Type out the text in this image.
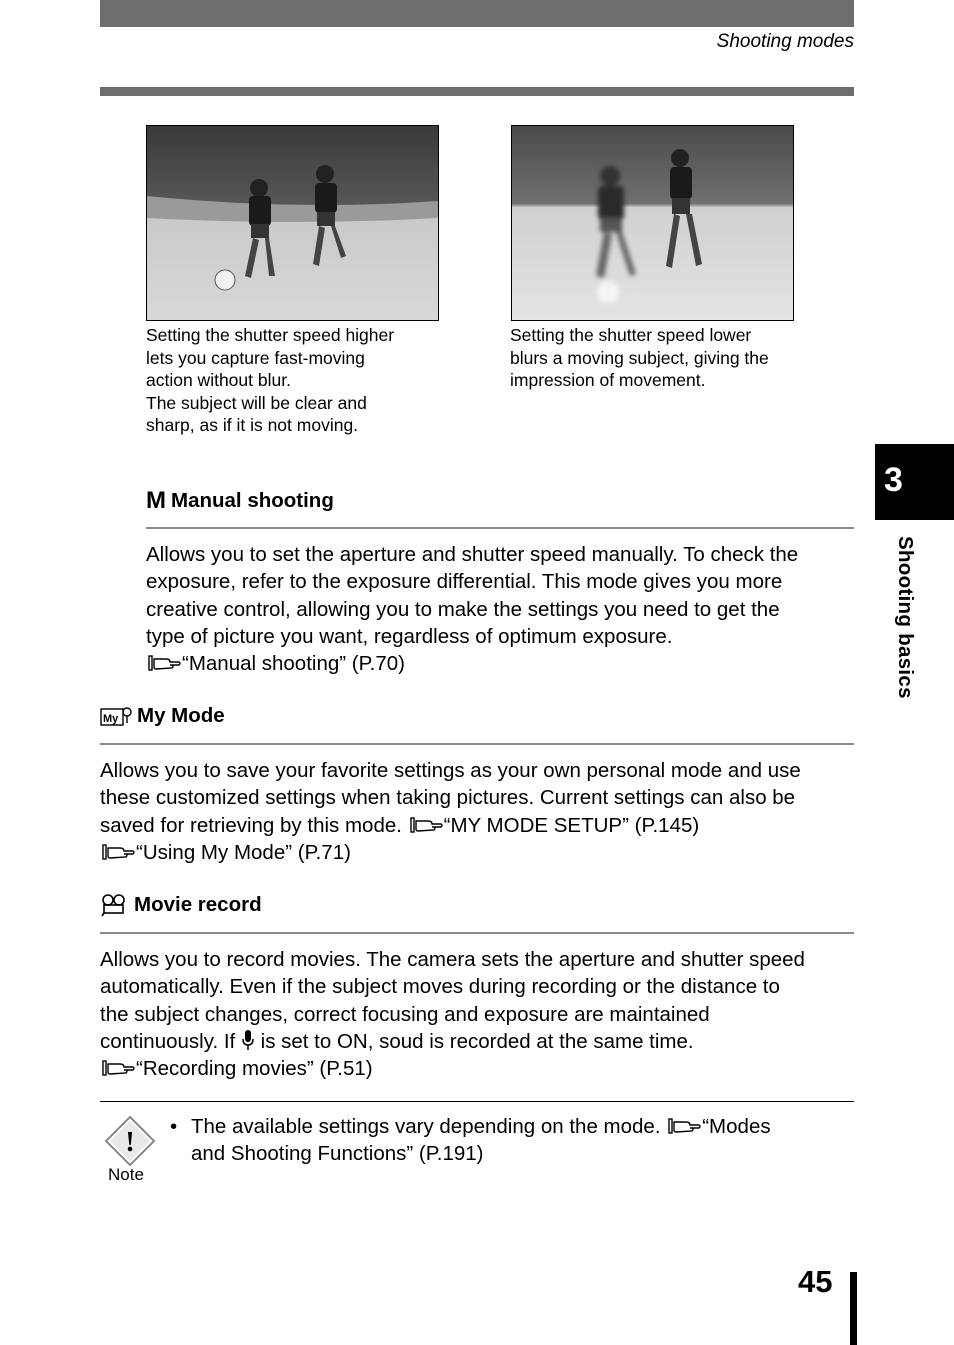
Shooting modes
Setting the shutter speed higher
lets you capture fast-moving
action without blur.
The subject will be clear and
sharp, as if it is not moving.
Setting the shutter speed lower
blurs a moving subject, giving the
impression of movement.
M Manual shooting
Allows you to set the aperture and shutter speed manually. To check the
exposure, refer to the exposure differential. This mode gives you more
creative control, allowing you to make the settings you need to get the
type of picture you want, regardless of optimum exposure.
“Manual shooting” (P.70)
My My Mode
Allows you to save your favorite settings as your own personal mode and use
these customized settings when taking pictures. Current settings can also be
saved for retrieving by this mode. “MY MODE SETUP” (P.145)
“Using My Mode” (P.71)
Movie record
Allows you to record movies. The camera sets the aperture and shutter speed
automatically. Even if the subject moves during recording or the distance to
the subject changes, correct focusing and exposure are maintained
continuously. If is set to ON, soud is recorded at the same time.
“Recording movies” (P.51)
!
Note
• The available settings vary depending on the mode. “Modes
and Shooting Functions” (P.191)
3
Shooting basics
45
